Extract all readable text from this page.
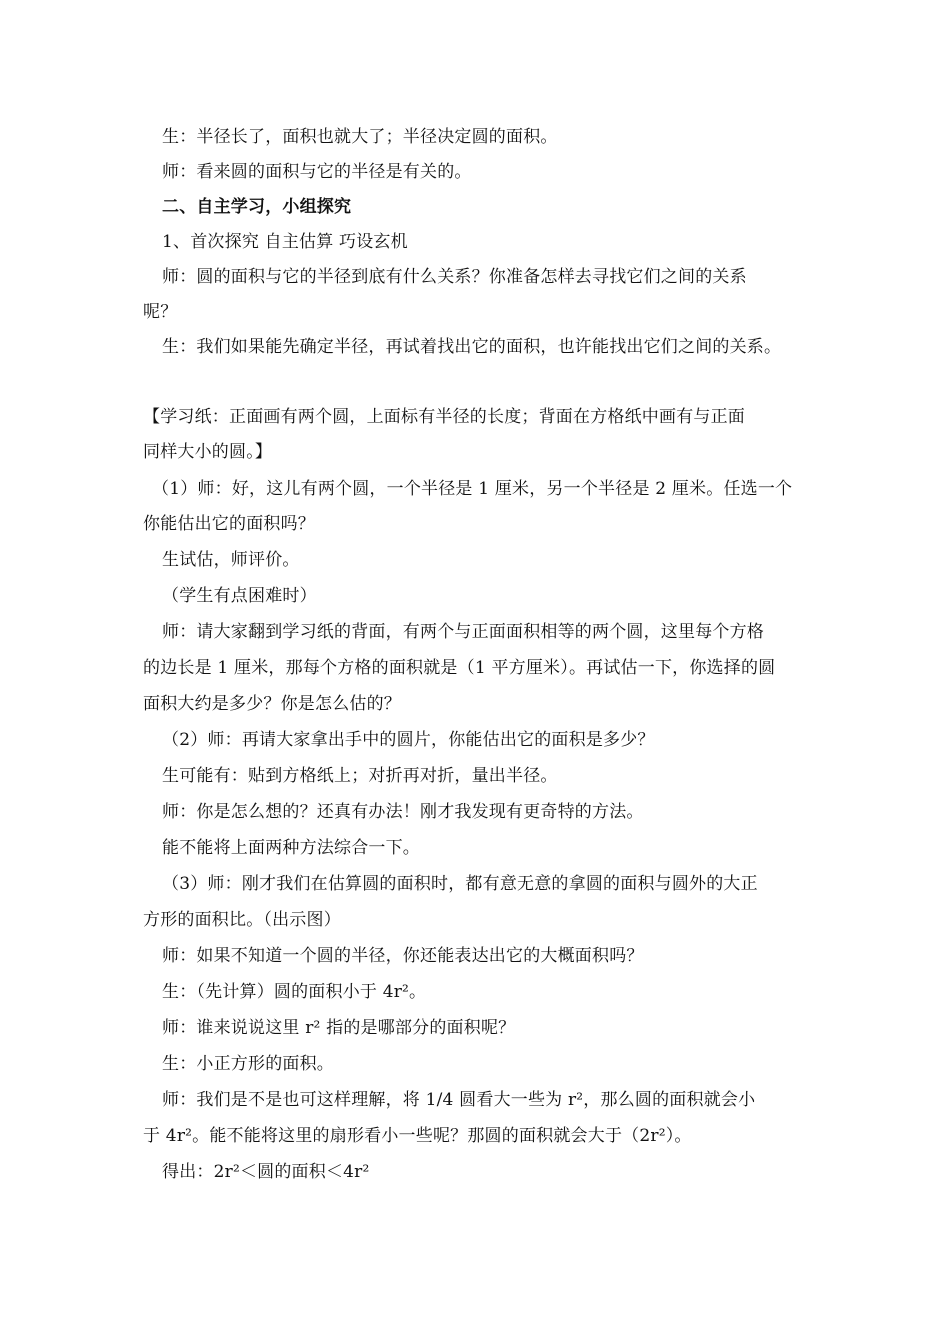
生：半径长了，面积也就大了；半径决定圆的面积。
师：看来圆的面积与它的半径是有关的。
二、自主学习，小组探究
1、首次探究 自主估算 巧设玄机
师：圆的面积与它的半径到底有什么关系？你准备怎样去寻找它们之间的关系
呢？
生：我们如果能先确定半径，再试着找出它的面积，也许能找出它们之间的关系。
【学习纸：正面画有两个圆，上面标有半径的长度；背面在方格纸中画有与正面
同样大小的圆。】
（1）师：好，这儿有两个圆，一个半径是 1 厘米，另一个半径是 2 厘米。任选一个
你能估出它的面积吗？
生试估，师评价。
（学生有点困难时）
师：请大家翻到学习纸的背面，有两个与正面面积相等的两个圆，这里每个方格
的边长是 1 厘米，那每个方格的面积就是（1 平方厘米）。再试估一下，你选择的圆
面积大约是多少？你是怎么估的？
（2）师：再请大家拿出手中的圆片，你能估出它的面积是多少？
生可能有：贴到方格纸上；对折再对折，量出半径。
师：你是怎么想的？还真有办法！刚才我发现有更奇特的方法。
能不能将上面两种方法综合一下。
（3）师：刚才我们在估算圆的面积时，都有意无意的拿圆的面积与圆外的大正
方形的面积比。（出示图）
师：如果不知道一个圆的半径，你还能表达出它的大概面积吗？
生：（先计算）圆的面积小于 4r²。
师：谁来说说这里 r² 指的是哪部分的面积呢？
生：小正方形的面积。
师：我们是不是也可这样理解，将 1/4 圆看大一些为 r²，那么圆的面积就会小
于 4r²。能不能将这里的扇形看小一些呢？那圆的面积就会大于（2r²）。
得出：2r²＜圆的面积＜4r²
